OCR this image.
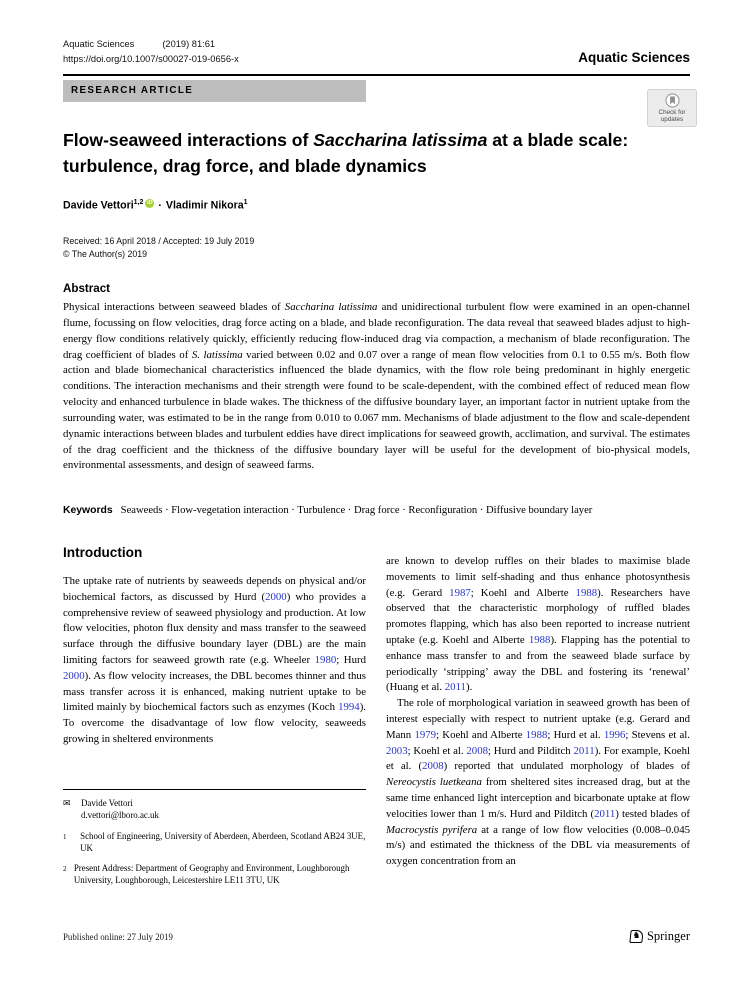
Aquatic Sciences	(2019) 81:61
https://doi.org/10.1007/s00027-019-0656-x	Aquatic Sciences
RESEARCH ARTICLE
Check for
updates
Flow-seaweed interactions of Saccharina latissima at a blade scale:
turbulence, drag force, and blade dynamics
Davide Vettori$^{1,2}$ iD · Vladimir Nikora$^1$
Received: 16 April 2018 / Accepted: 19 July 2019
© The Author(s) 2019
Abstract

Physical interactions between seaweed blades of Saccharina latissima and unidirectional turbulent flow were examined in an open-channel flume, focussing on flow velocities, drag force acting on a blade, and blade reconfiguration. The data reveal that seaweed blades adjust to high-energy flow conditions relatively quickly, efficiently reducing flow-induced drag via compaction, a mechanism of blade reconfiguration. The drag coefficient of blades of S. latissima varied between 0.02 and 0.07 over a range of mean flow velocities from 0.1 to 0.55 m/s. Both flow action and blade biomechanical characteristics influenced the blade dynamics, with the flow role being predominant in highly energetic conditions. The interaction mechanisms and their strength were found to be scale-dependent, with the combined effect of reduced mean flow velocity and enhanced turbulence in blade wakes. The thickness of the diffusive boundary layer, an important factor in nutrient uptake from the surrounding water, was estimated to be in the range from 0.010 to 0.067 mm. Mechanisms of blade adjustment to the flow and scale-dependent dynamic interactions between blades and turbulent eddies have direct implications for seaweed growth, acclimation, and survival. The estimates of the drag coefficient and the thickness of the diffusive boundary layer will be useful for the development of bio-physical models, environmental assessments, and design of seaweed farms.

Keywords Seaweeds · Flow-vegetation interaction · Turbulence · Drag force · Reconfiguration · Diffusive boundary layer
Introduction

The uptake rate of nutrients by seaweeds depends on physical and/or biochemical factors, as discussed by Hurd (2000) who provides a comprehensive review of seaweed physiology and production. At low flow velocities, photon flux density and mass transfer to the seaweed surface through the diffusive boundary layer (DBL) are the main limiting factors for seaweed growth rate (e.g. Wheeler 1980; Hurd 2000). As flow velocity increases, the DBL becomes thinner and thus mass transfer across it is enhanced, making nutrient uptake to be limited mainly by biochemical factors such as enzymes (Koch 1994). To overcome the disadvantage of low flow velocity, seaweeds growing in sheltered environments

are known to develop ruffles on their blades to maximise blade movements to limit self-shading and thus enhance photosynthesis (e.g. Gerard 1987; Koehl and Alberte 1988). Researchers have observed that the characteristic morphology of ruffled blades promotes flapping, which has also been reported to increase nutrient uptake (e.g. Koehl and Alberte 1988). Flapping has the potential to enhance mass transfer to and from the seaweed blade surface by periodically ‘stripping’ away the DBL and fostering its ‘renewal’ (Huang et al. 2011).

The role of morphological variation in seaweed growth has been of interest especially with respect to nutrient uptake (e.g. Gerard and Mann 1979; Koehl and Alberte 1988; Hurd et al. 1996; Stevens et al. 2003; Koehl et al. 2008; Hurd and Pilditch 2011). For example, Koehl et al. (2008) reported that undulated morphology of blades of Nereocystis luetkeana from sheltered sites increased drag, but at the same time enhanced light interception and bicarbonate uptake at flow velocities lower than 1 m/s. Hurd and Pilditch (2011) tested blades of Macrocystis pyrifera at a range of low flow velocities (0.008–0.045 m/s) and estimated the thickness of the DBL via measurements of oxygen concentration from an

✉	Davide Vettori
d.vettori@lboro.ac.uk
1	School of Engineering, University of Aberdeen, Aberdeen, Scotland AB24 3UE, UK
2 Present Address: Department of Geography and Environment, Loughborough University, Loughborough, Leicestershire LE11 3TU, UK
Published online: 27 July 2019	♞ Springer
